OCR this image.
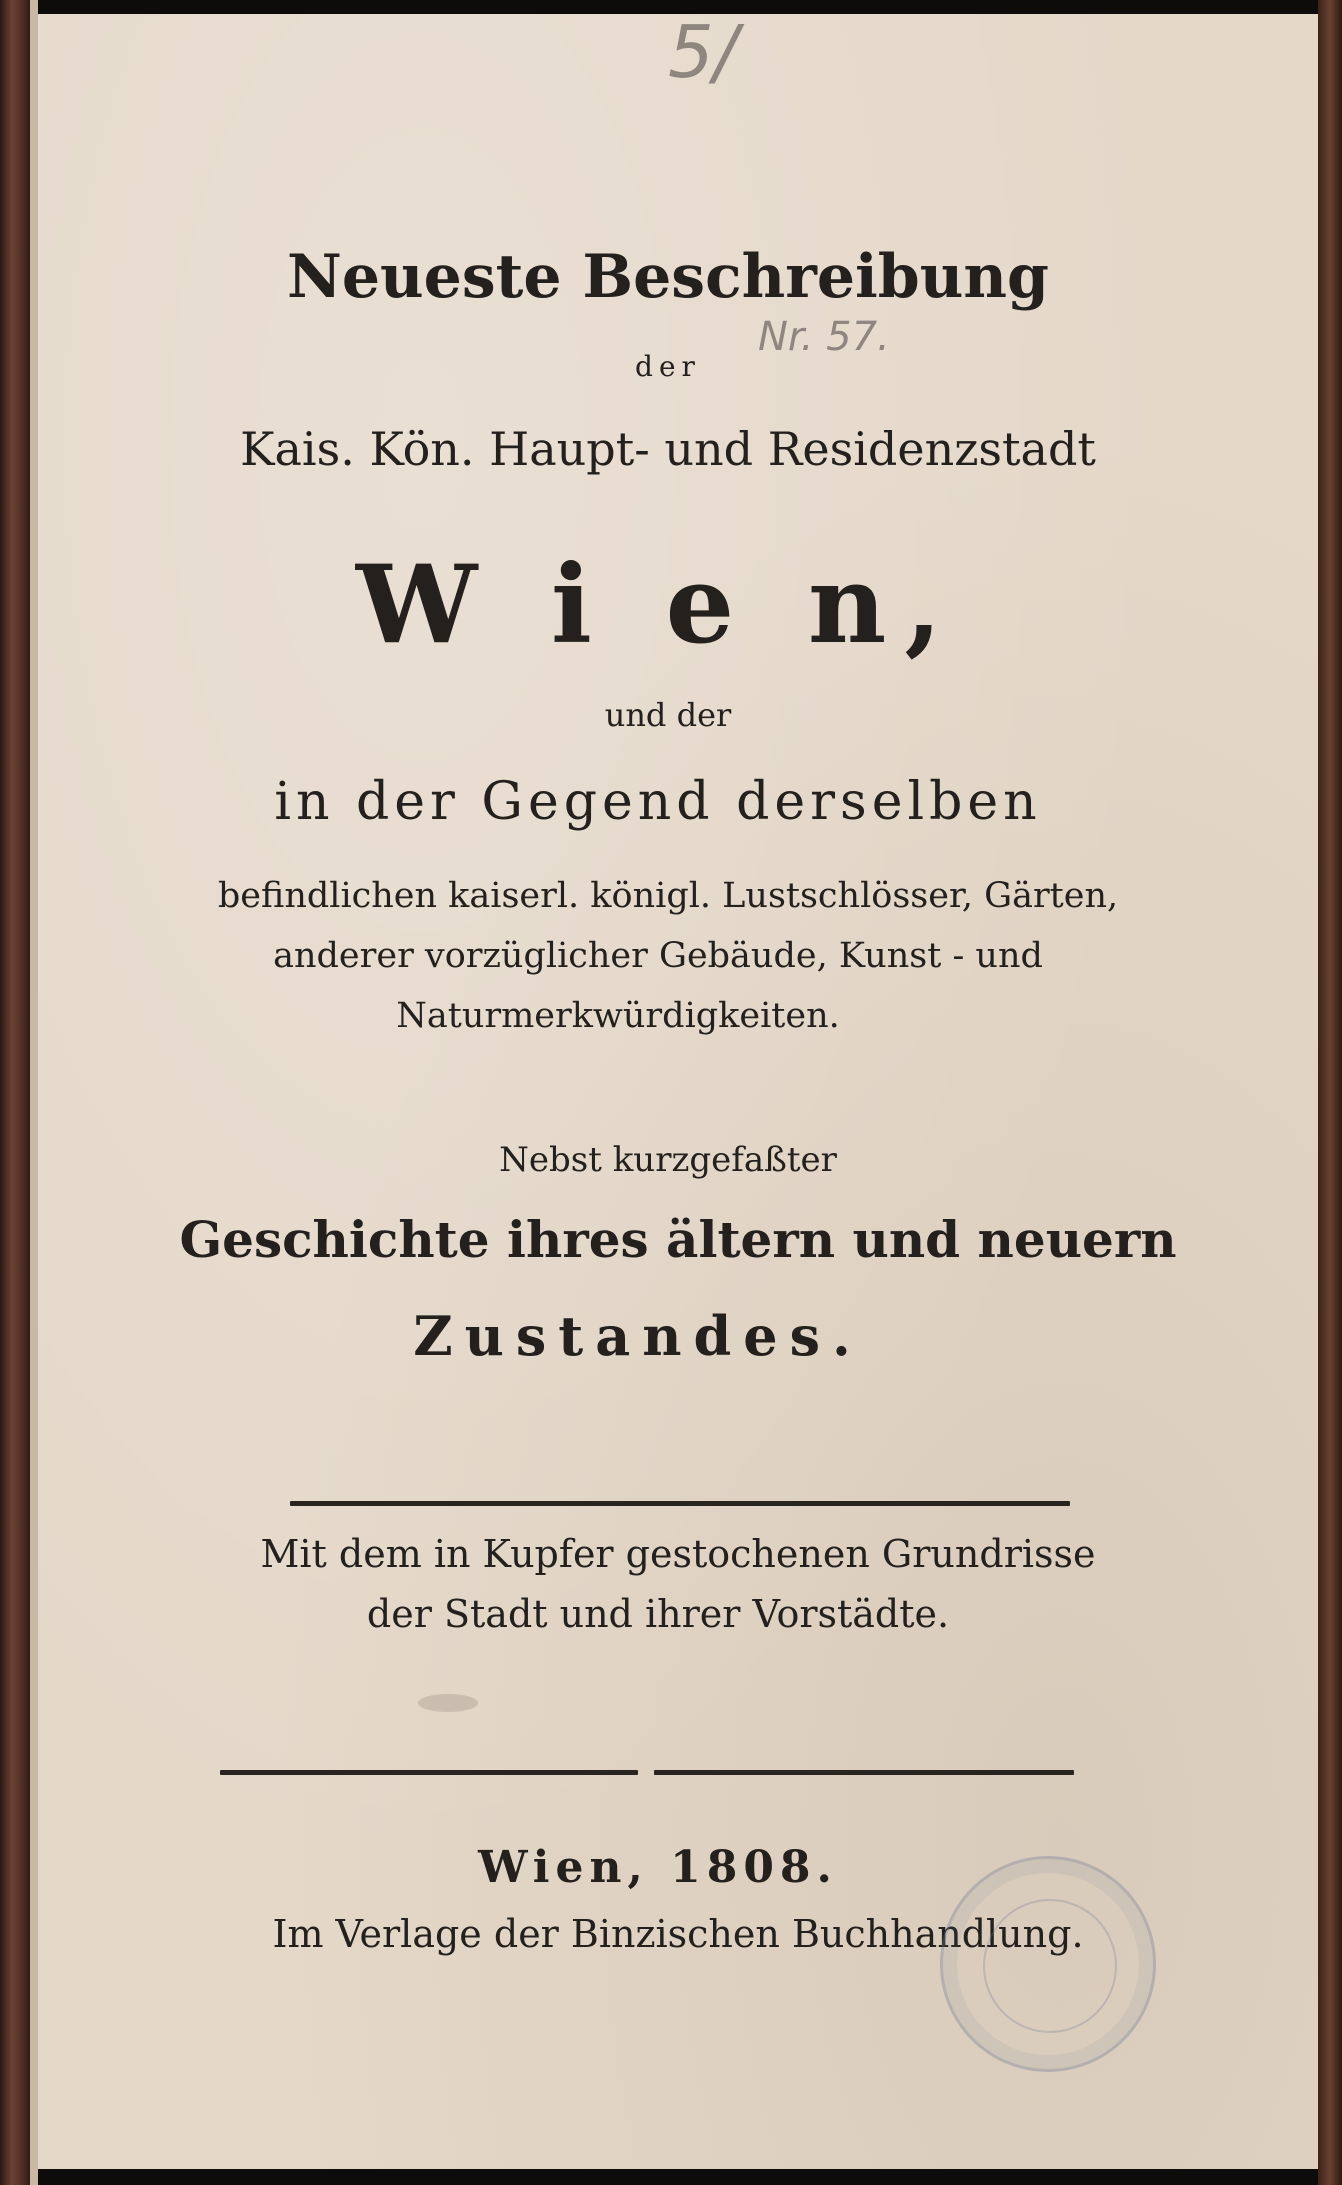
5/
Nr. 57.
Neueste Beschreibung
der
Kais. Kön. Haupt- und Residenzstadt
W i e n,
und der
in der Gegend derselben
befindlichen kaiserl. königl. Lustschlösser, Gärten,
anderer vorzüglicher Gebäude, Kunst - und
Naturmerkwürdigkeiten.
Nebst kurzgefaßter
Geschichte ihres ältern und neuern
Zustandes.
Mit dem in Kupfer gestochenen Grundrisse
der Stadt und ihrer Vorstädte.
Wien, 1808.
Im Verlage der Binzischen Buchhandlung.
